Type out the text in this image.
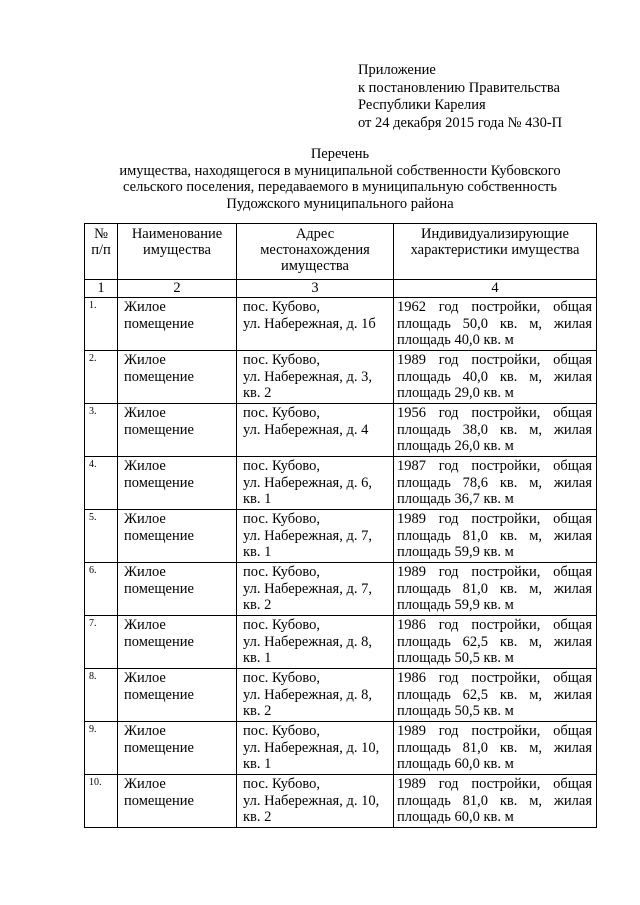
Приложение
к постановлению Правительства
Республики Карелия
от 24 декабря 2015 года № 430-П
Перечень
имущества, находящегося в муниципальной собственности Кубовского
сельского поселения, передаваемого в муниципальную собственность
Пудожского муниципального района
№
п/п	Наименование
имущества	Адрес
местонахождения
имущества	Индивидуализирующие
характеристики имущества

1	2	3	4
1.	Жилое
помещение	пос. Кубово,
ул. Набережная, д. 1б	1962 год постройки, общая
площадь 50,0 кв. м, жилая
площадь 40,0 кв. м

2.	Жилое
помещение	пос. Кубово,
ул. Набережная, д. 3,
кв. 2	1989 год постройки, общая
площадь 40,0 кв. м, жилая
площадь 29,0 кв. м

3.	Жилое
помещение	пос. Кубово,
ул. Набережная, д. 4	1956 год постройки, общая
площадь 38,0 кв. м, жилая
площадь 26,0 кв. м

4.	Жилое
помещение	пос. Кубово,
ул. Набережная, д. 6,
кв. 1	1987 год постройки, общая
площадь 78,6 кв. м, жилая
площадь 36,7 кв. м

5.	Жилое
помещение	пос. Кубово,
ул. Набережная, д. 7,
кв. 1	1989 год постройки, общая
площадь 81,0 кв. м, жилая
площадь 59,9 кв. м

6.	Жилое
помещение	пос. Кубово,
ул. Набережная, д. 7,
кв. 2	1989 год постройки, общая
площадь 81,0 кв. м, жилая
площадь 59,9 кв. м

7.	Жилое
помещение	пос. Кубово,
ул. Набережная, д. 8,
кв. 1	1986 год постройки, общая
площадь 62,5 кв. м, жилая
площадь 50,5 кв. м

8.	Жилое
помещение	пос. Кубово,
ул. Набережная, д. 8,
кв. 2	1986 год постройки, общая
площадь 62,5 кв. м, жилая
площадь 50,5 кв. м

9.	Жилое
помещение	пос. Кубово,
ул. Набережная, д. 10,
кв. 1	1989 год постройки, общая
площадь 81,0 кв. м, жилая
площадь 60,0 кв. м

10.	Жилое
помещение	пос. Кубово,
ул. Набережная, д. 10,
кв. 2	1989 год постройки, общая
площадь 81,0 кв. м, жилая
площадь 60,0 кв. м
